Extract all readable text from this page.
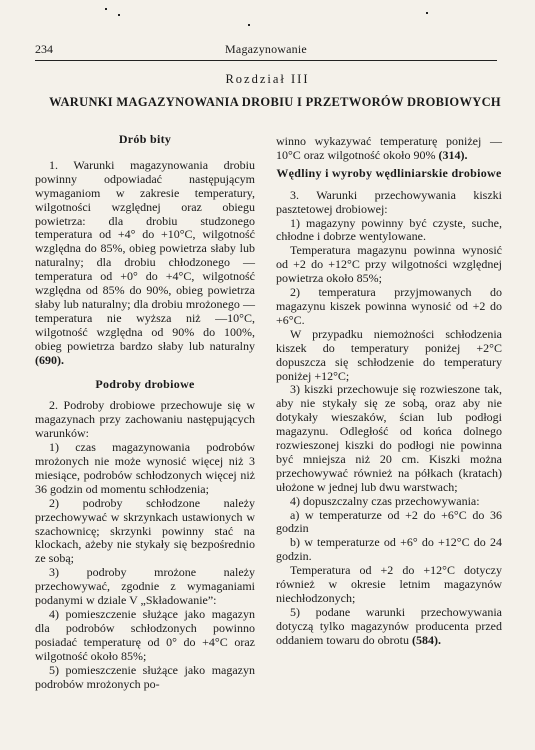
234	Magazynowanie
Rozdział III
WARUNKI MAGAZYNOWANIA DROBIU I PRZETWORÓW DROBIOWYCH

Drób bity

1. Warunki magazynowania drobiu powinny odpowiadać następującym wymaganiom w zakresie temperatury, wilgotności względnej oraz obiegu powietrza: dla drobiu studzonego temperatura od +4° do +10°C, wilgotność względna do 85%, obieg powietrza słaby lub naturalny; dla drobiu chłodzonego — temperatura od +0° do +4°C, wilgotność względna od 85% do 90%, obieg powietrza słaby lub naturalny; dla drobiu mrożonego — temperatura nie wyższa niż —10°C, wilgotność względna od 90% do 100%, obieg powietrza bardzo słaby lub naturalny (690).

Podroby drobiowe

2. Podroby drobiowe przechowuje się w magazynach przy zachowaniu następujących warunków:

1) czas magazynowania podrobów mrożonych nie może wynosić więcej niż 3 miesiące, podrobów schłodzonych więcej niż 36 godzin od momentu schłodzenia;

2) podroby schłodzone należy przechowywać w skrzynkach ustawionych w szachownicę; skrzynki powinny stać na klockach, ażeby nie stykały się bezpośrednio ze sobą;

3) podroby mrożone należy przechowywać, zgodnie z wymaganiami podanymi w dziale V „Składowanie”:

4) pomieszczenie służące jako magazyn dla podrobów schłodzonych powinno posiadać temperaturę od 0° do +4°C oraz wilgotność około 85%;

5) pomieszczenie służące jako magazyn podrobów mrożonych po-

winno wykazywać temperaturę poniżej —10°C oraz wilgotność około 90% (314).

Wędliny i wyroby wędliniarskie drobiowe

3. Warunki przechowywania kiszki pasztetowej drobiowej:

1) magazyny powinny być czyste, suche, chłodne i dobrze wentylowane.

Temperatura magazynu powinna wynosić od +2 do +12°C przy wilgotności względnej powietrza około 85%;

2) temperatura przyjmowanych do magazynu kiszek powinna wynosić od +2 do +6°C.

W przypadku niemożności schłodzenia kiszek do temperatury poniżej +2°C dopuszcza się schłodzenie do temperatury poniżej +12°C;

3) kiszki przechowuje się rozwieszone tak, aby nie stykały się ze sobą, oraz aby nie dotykały wieszaków, ścian lub podłogi magazynu. Odległość od końca dolnego rozwieszonej kiszki do podłogi nie powinna być mniejsza niż 20 cm. Kiszki można przechowywać również na półkach (kratach) ułożone w jednej lub dwu warstwach;

4) dopuszczalny czas przechowywania:

a) w temperaturze od +2 do +6°C do 36 godzin

b) w temperaturze od +6° do +12°C do 24 godzin.

Temperatura od +2 do +12°C dotyczy również w okresie letnim magazynów niechłodzonych;

5) podane warunki przechowywania dotyczą tylko magazynów producenta przed oddaniem towaru do obrotu (584).
